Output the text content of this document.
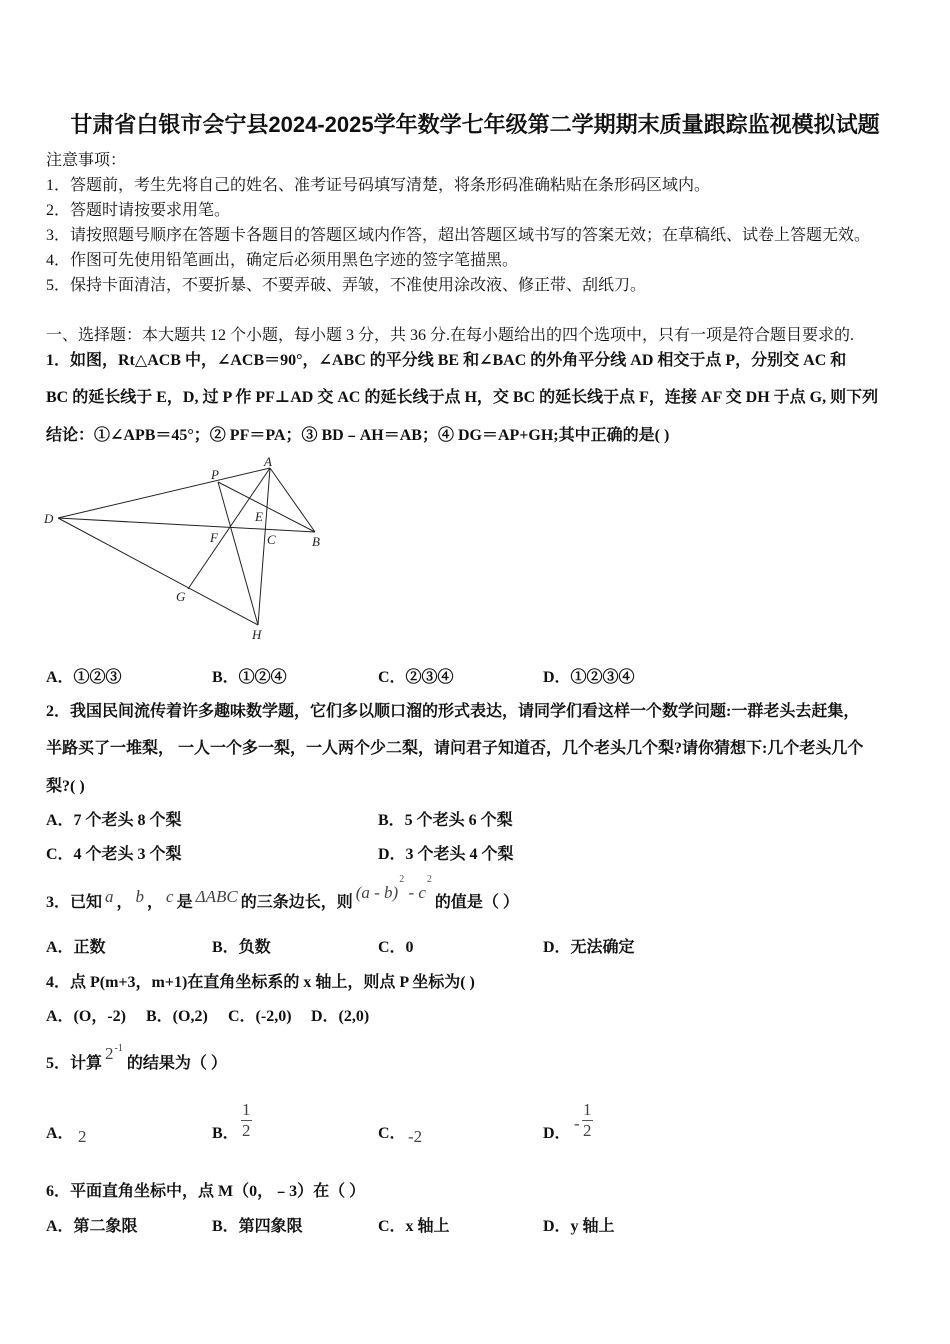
甘肃省白银市会宁县2024-2025学年数学七年级第二学期期末质量跟踪监视模拟试题
注意事项：
1．答题前，考生先将自己的姓名、准考证号码填写清楚，将条形码准确粘贴在条形码区域内。
2．答题时请按要求用笔。
3．请按照题号顺序在答题卡各题目的答题区域内作答，超出答题区域书写的答案无效；在草稿纸、试卷上答题无效。
4．作图可先使用铅笔画出，确定后必须用黑色字迹的签字笔描黑。
5．保持卡面清洁，不要折暴、不要弄破、弄皱，不准使用涂改液、修正带、刮纸刀。
一、选择题：本大题共 12 个小题，每小题 3 分，共 36 分.在每小题给出的四个选项中，只有一项是符合题目要求的.
1．如图，Rt△ACB 中，∠ACB＝90°，∠ABC 的平分线 BE 和∠BAC 的外角平分线 AD 相交于点 P，分别交 AC 和
BC 的延长线于 E，D, 过 P 作 PF⊥AD 交 AC 的延长线于点 H，交 BC 的延长线于点 F，连接 AF 交 DH 于点 G, 则下列
结论：①∠APB＝45°；② PF＝PA；③ BD﹣AH＝AB；④ DG＝AP+GH;其中正确的是( )
D
P
A
E
F	C	B
G
H
A．①②③	B．①②④	C．②③④	D．①②③④
2．我国民间流传着许多趣味数学题，它们多以顺口溜的形式表达，请同学们看这样一个数学问题:一群老头去赶集，
半路买了一堆梨， 一人一个多一梨，一人两个少二梨，请问君子知道否，几个老头几个梨?请你猜想下:几个老头几个
梨?( )
A．7 个老头 8 个梨	B．5 个老头 6 个梨
C．4 个老头 3 个梨	D．3 个老头 4 个梨
3．已知 a ， b ， c 是 ΔABC 的三条边长，则$(a - b)^2 - c^2$的值是（ ）
A．正数	B．负数	C．0	D．无法确定
4．点 P(m+3，m+1)在直角坐标系的 x 轴上，则点 P 坐标为( )
A．(O，-2) B．(O,2) C．(-2,0) D．(2,0)
5．计算$2^{-1}$的结果为（ ）
A． 2	B． $\frac{1}{2}$	C． -2	D．
- $\frac{1}{2}$
6．平面直角坐标中，点 M（0，﹣3）在（ ）
A．第二象限	B．第四象限	C．x 轴上	D．y 轴上
